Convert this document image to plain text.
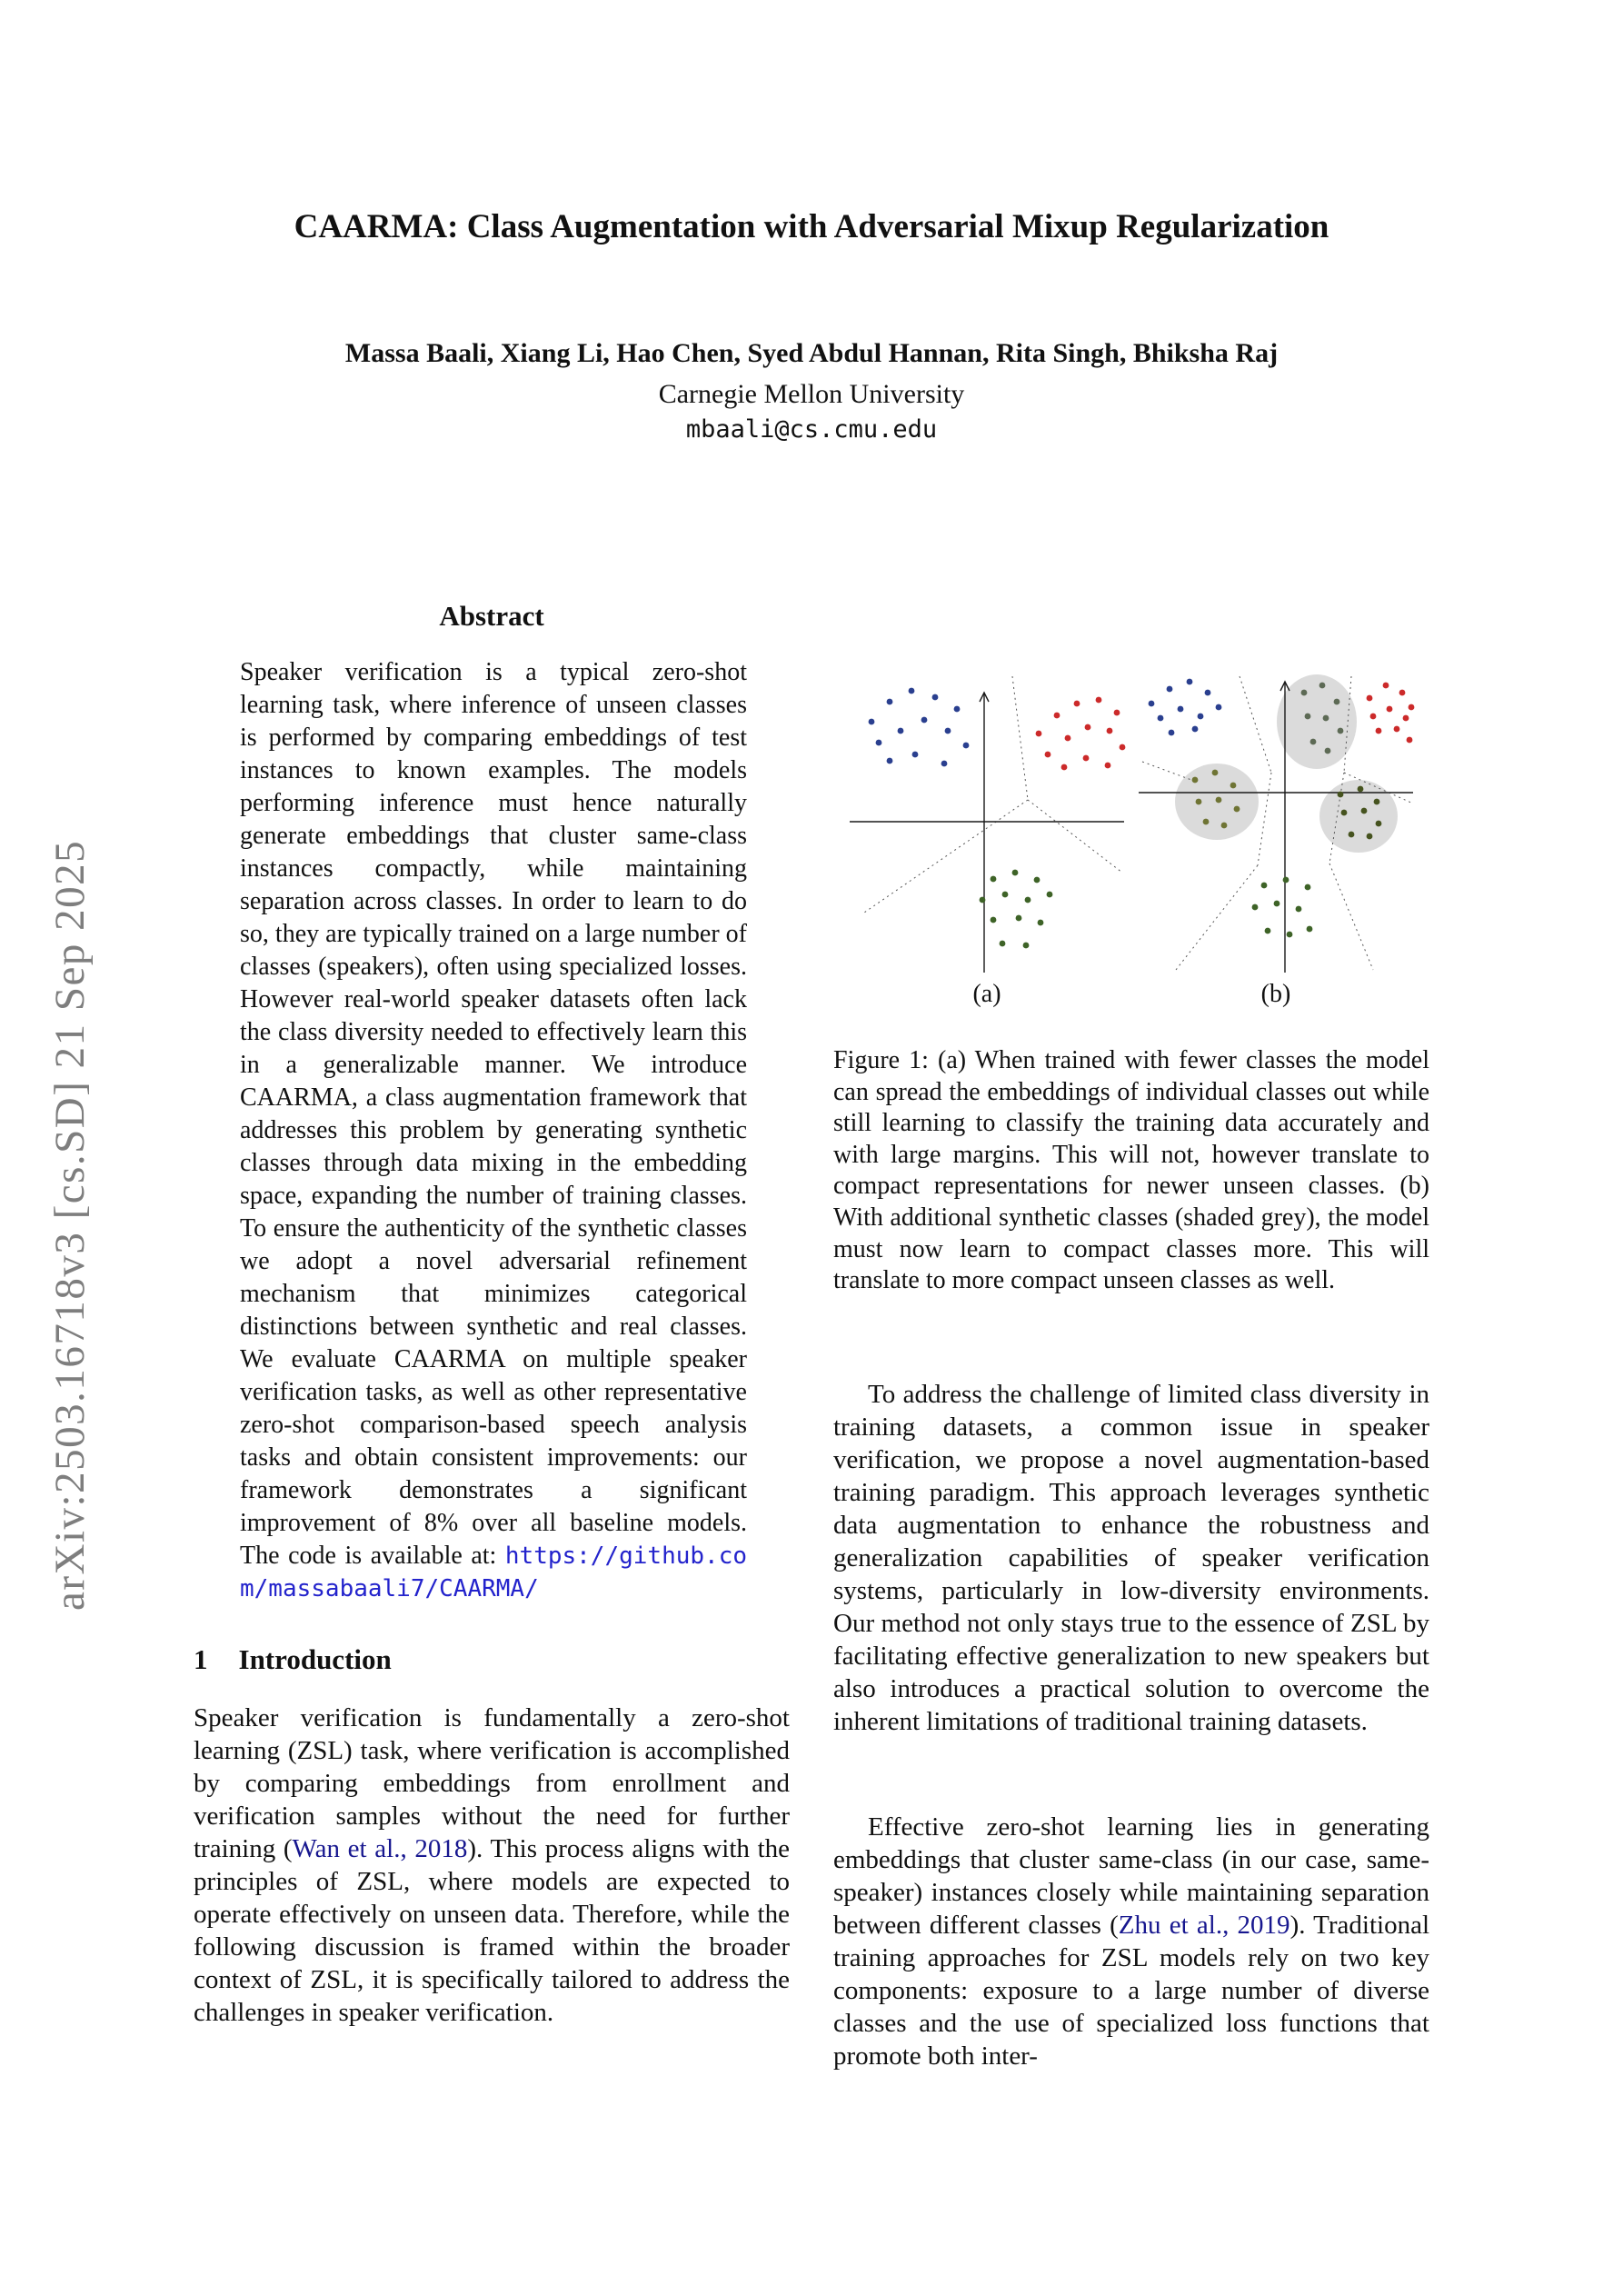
arXiv:2503.16718v3 [cs.SD] 21 Sep 2025
CAARMA: Class Augmentation with Adversarial Mixup Regularization
Massa Baali, Xiang Li, Hao Chen, Syed Abdul Hannan, Rita Singh, Bhiksha Raj
Carnegie Mellon University
mbaali@cs.cmu.edu
Abstract
Speaker verification is a typical zero-shot learning task, where inference of unseen classes is performed by comparing embeddings of test instances to known examples. The models performing inference must hence naturally generate embeddings that cluster same-class instances compactly, while maintaining separation across classes. In order to learn to do so, they are typically trained on a large number of classes (speakers), often using specialized losses. However real-world speaker datasets often lack the class diversity needed to effectively learn this in a generalizable manner. We introduce CAARMA, a class augmentation framework that addresses this problem by generating synthetic classes through data mixing in the embedding space, expanding the number of training classes. To ensure the authenticity of the synthetic classes we adopt a novel adversarial refinement mechanism that minimizes categorical distinctions between synthetic and real classes. We evaluate CAARMA on multiple speaker verification tasks, as well as other representative zero-shot comparison-based speech analysis tasks and obtain consistent improvements: our framework demonstrates a significant improvement of 8% over all baseline models. The code is available at: https://github.com/massabaali7/CAARMA/
1 Introduction

Speaker verification is fundamentally a zero-shot learning (ZSL) task, where verification is accomplished by comparing embeddings from enrollment and verification samples without the need for further training (Wan et al., 2018). This process aligns with the principles of ZSL, where models are expected to operate effectively on unseen data. Therefore, while the following discussion is framed within the broader context of ZSL, it is specifically tailored to address the challenges in speaker verification.

(a)	(b)
Figure 1: (a) When trained with fewer classes the model can spread the embeddings of individual classes out while still learning to classify the training data accurately and with large margins. This will not, however translate to compact representations for newer unseen classes. (b) With additional synthetic classes (shaded grey), the model must now learn to compact classes more. This will translate to more compact unseen classes as well.

To address the challenge of limited class diversity in training datasets, a common issue in speaker verification, we propose a novel augmentation-based training paradigm. This approach leverages synthetic data augmentation to enhance the robustness and generalization capabilities of speaker verification systems, particularly in low-diversity environments. Our method not only stays true to the essence of ZSL by facilitating effective generalization to new speakers but also introduces a practical solution to overcome the inherent limitations of traditional training datasets.

Effective zero-shot learning lies in generating embeddings that cluster same-class (in our case, same-speaker) instances closely while maintaining separation between different classes (Zhu et al., 2019). Traditional training approaches for ZSL models rely on two key components: exposure to a large number of diverse classes and the use of specialized loss functions that promote both inter-
